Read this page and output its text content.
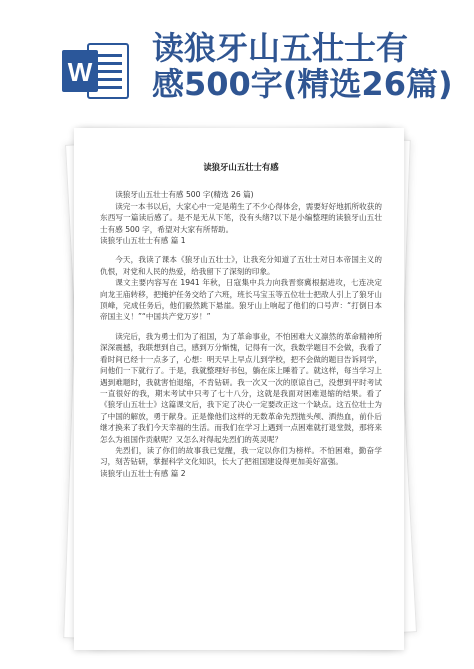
W
读狼牙山五壮士有
感500字(精选26篇)
读狼牙山五壮士有感

读狼牙山五壮士有感 500 字(精选 26 篇)

读完一本书以后，大家心中一定是萌生了不少心得体会，需要好好地抓所收获的东西写一篇读后感了。是不是无从下笔，没有头绪?以下是小编整理的读狼牙山五壮士有感 500 字，希望对大家有所帮助。

读狼牙山五壮士有感 篇 1

今天，我读了课本《狼牙山五壮士》，让我充分知道了五壮士对日本帝国主义的仇恨，对党和人民的热爱，给我留下了深刻的印象。

课文主要内容写在 1941 年秋，日寇集中兵力向我晋察冀根据进攻，七连决定向龙王庙转移，把掩护任务交给了六班，班长马宝玉等五位壮士把敌人引上了狼牙山顶峰，完成任务后，他们毅然跳下悬崖。狼牙山上响起了他们的口号声：“打倒日本帝国主义！”“中国共产党万岁！”

读完后，我为勇士们为了祖国，为了革命事业，不怕困难大义凛然的革命精神所深深震撼，我联想到自己，感到万分惭愧，记得有一次，我数学题目不会做，我看了看时间已经十一点多了，心想：明天早上早点儿到学校，把不会做的题目告诉同学，问他们一下就行了。于是，我就整理好书包，躺在床上睡着了。就这样，每当学习上遇到难题时，我就害怕退缩，不肯钻研。我一次又一次的原谅自己，没想到平时考试一直很好的我，期末考试中只考了七十八分，这就是我面对困难退缩的结果。看了《狼牙山五壮士》这篇课文后，我下定了决心一定要改正这一个缺点。这五位壮士为了中国的解放，勇于献身。正是像他们这样的无数革命先烈抛头颅、洒热血，前仆后继才换来了我们今天幸福的生活。而我们在学习上遇到一点困难就打退堂鼓，那将来怎么为祖国作贡献呢？又怎么对得起先烈们的英灵呢？

先烈们，读了你们的故事我已觉醒，我一定以你们为榜样。不怕困难，勤奋学习，刻苦钻研，掌握科学文化知识，长大了把祖国建设得更加美好富强。

读狼牙山五壮士有感 篇 2
